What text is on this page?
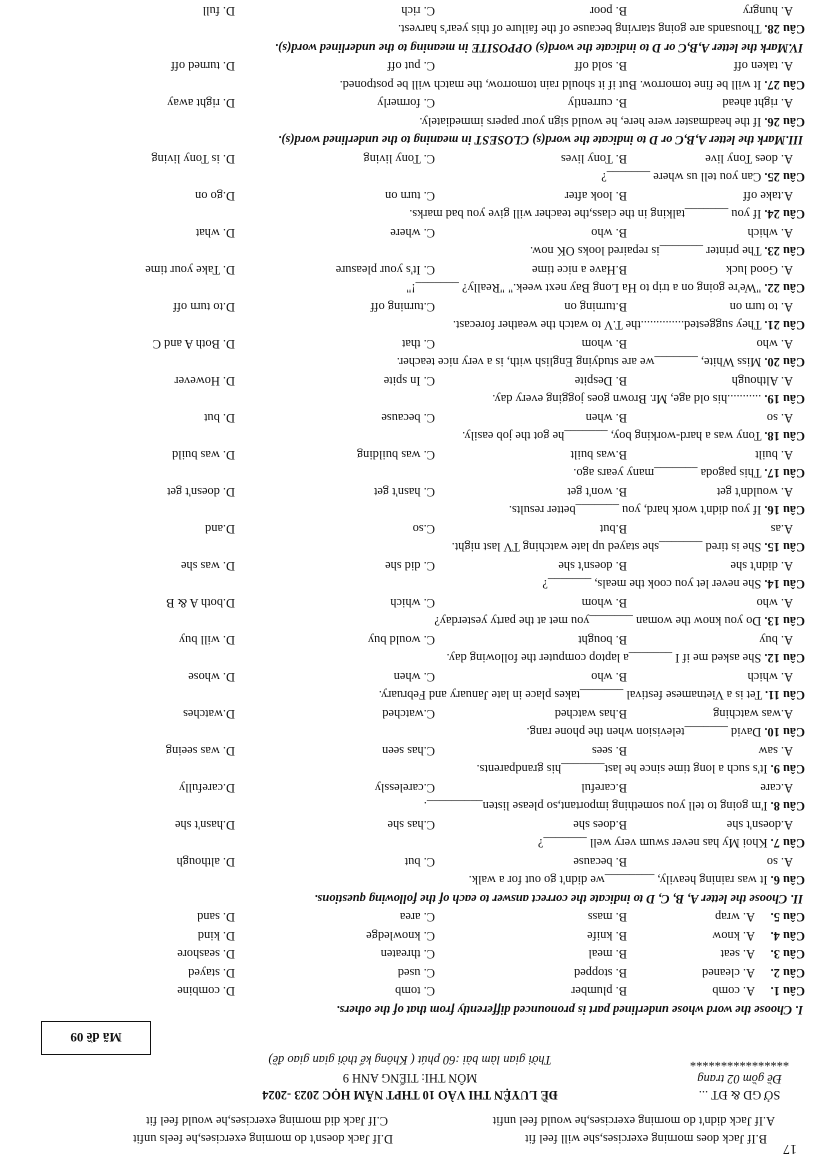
17
B.If Jack does morning exercises,she will feel fit
D.If Jack doesn't do morning exercises,he feels unfit
A.If Jack didn't do morning exercises,he would feel unfit
C.If Jack did morning exercises,he would feel fit
SỞ GD & ĐT ...
Đề gồm 02 trang
****************
ĐỀ LUYỆN THI VÀO 10 THPT NĂM HỌC 2023 -2024
MÔN THI: TIẾNG ANH 9
Thời gian làm bài :60 phút ( Không kể thời gian giao đề)
Mã đề 09
I. Choose the word whose underlined part is pronounced differently from that of the others.
Câu 1.
A. comb
B. plumber
C. tomb
D. combine
Câu 2.
A. cleaned
B. stopped
C. used
D. stayed
Câu 3.
A. seat
B. meal
C. threaten
D. seashore
Câu 4.
A. know
B. knife
C. knowledge
D. kind
Câu 5.
A. wrap
B. mass
C. area
D. sand
II. Choose the letter A, B, C, D to indicate the correct answer to each of the following questions.
Câu 6. It was raining heavily, ________we didn't go out for a walk.
A. so
B. because
C. but
D. although
Câu 7. Khoi My has never swum very well _______?
A.doesn't she
B.does she
C.has she
D.hasn't she
Câu 8. I'm going to tell you something important,so please listen_________.
A.care
B.careful
C.carelessly
D.carefully
Câu 9. It's such a long time since he last_______his grandparents.
A. saw
B. sees
C.has seen
D. was seeing
Câu 10. David _______television when the phone rang.
A.was watching
B.has watched
C.watched
D.watches
Câu 11. Tet is a Vietnamese festival _______takes place in late January and February.
A. which
B. who
C. when
D. whose
Câu 12. She asked me if I _______a laptop computer the following day.
A. buy
B. bought
C. would buy
D. will buy
Câu 13. Do you know the woman _______you met at the party yesterday?
A. who
B. whom
C. which
D.both A & B
Câu 14. She never let you cook the meals, _______?
A. didn't she
B. doesn't she
C. did she
D. was she
Câu 15. She is tired _______she stayed up late watching TV last night.
A.as
B.but
C.so
D.and
Câu 16. If you didn't work hard, you _______better results.
A. wouldn't get
B. won't get
C. hasn't get
D. doesn't get
Câu 17. This pagoda _______many years ago.
A. built
B.was built
C. was building
D. was build
Câu 18. Tony was a hard-working boy, _______he got the job easily.
A. so
B. when
C. because
D. but
Câu 19. ...........his old age, Mr. Brown goes jogging every day.
A. Although
B. Despite
C. In spite
D. However
Câu 20. Miss White, _______we are studying English with, is a very nice teacher.
A. who
B. whom
C. that
D. Both A and C
Câu 21. They suggested..............the T.V to watch the weather forecast.
A. to turn on
B.turning on
C.turning off
D.to turn off
Câu 22. "We're going on a trip to Ha Long Bay next week." "Really? _______!"
A. Good luck
B.Have a nice time
C. It's your pleasure
D. Take your time
Câu 23. The printer _______is repaired looks OK now.
A. which
B. who
C. where
D. what
Câu 24. If you _______talking in the class,the teacher will give you bad marks.
A.take off
B. look after
C. turn on
D.go on
Câu 25. Can you tell us where _______?
A. does Tony live
B. Tony lives
C. Tony living
D. is Tony living
III.Mark the letter A,B,C or D to indicate the word(s) CLOSEST in meaning to the underlined word(s).
Câu 26. If the headmaster were here, he would sign your papers immediately.
A. right ahead
B. currently
C. formerly
D. right away
Câu 27. It will be fine tomorrow. But if it should rain tomorrow, the match will be postponed.
A. taken off
B. sold off
C. put off
D. turned off
IV.Mark the letter A,B,C or D to indicate the word(s) OPPOSITE in meaning to the underlined word(s).
Câu 28. Thousands are going starving because of the failure of this year's harvest.
A. hungry
B. poor
C. rich
D. full
